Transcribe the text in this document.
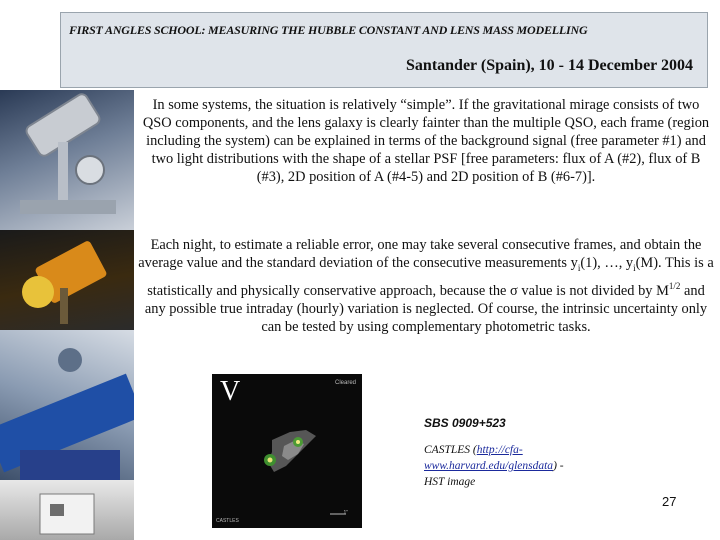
FIRST ANGLES SCHOOL: MEASURING THE HUBBLE CONSTANT AND LENS MASS MODELLING
Santander (Spain), 10 - 14 December 2004
In some systems, the situation is relatively “simple”. If the gravitational mirage consists of two QSO components, and the lens galaxy is clearly fainter than the multiple QSO, each frame (region including the system) can be explained in terms of the background signal (free parameter #1) and two light distributions with the shape of a stellar PSF [free parameters: flux of A (#2), flux of B (#3), 2D position of A (#4-5) and 2D position of B (#6-7)].
Each night, to estimate a reliable error, one may take several consecutive frames, and obtain the average value and the standard deviation of the consecutive measurements $y_i(1)$, …, $y_i(M)$. This is a statistically and physically conservative approach, because the σ value is not divided by $M^{1/2}$ and any possible true intraday (hourly) variation is neglected. Of course, the intrinsic uncertainty only can be tested by using complementary photometric tasks.
V	Cleared
1"
CASTLES
SBS 0909+523
CASTLES (http://cfa-www.harvard.edu/glensdata) - HST image
27
